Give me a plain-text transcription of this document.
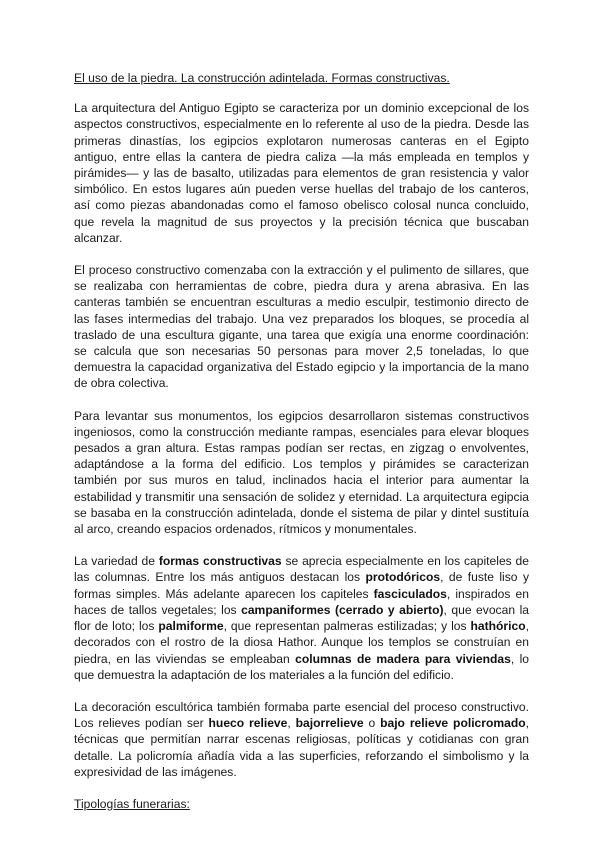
El uso de la piedra. La construcción adintelada. Formas constructivas.

La arquitectura del Antiguo Egipto se caracteriza por un dominio excepcional de los aspectos constructivos, especialmente en lo referente al uso de la piedra. Desde las primeras dinastías, los egipcios explotaron numerosas canteras en el Egipto antiguo, entre ellas la cantera de piedra caliza —la más empleada en templos y pirámides— y las de basalto, utilizadas para elementos de gran resistencia y valor simbólico. En estos lugares aún pueden verse huellas del trabajo de los canteros, así como piezas abandonadas como el famoso obelisco colosal nunca concluido, que revela la magnitud de sus proyectos y la precisión técnica que buscaban alcanzar.

El proceso constructivo comenzaba con la extracción y el pulimento de sillares, que se realizaba con herramientas de cobre, piedra dura y arena abrasiva. En las canteras también se encuentran esculturas a medio esculpir, testimonio directo de las fases intermedias del trabajo. Una vez preparados los bloques, se procedía al traslado de una escultura gigante, una tarea que exigía una enorme coordinación: se calcula que son necesarias 50 personas para mover 2,5 toneladas, lo que demuestra la capacidad organizativa del Estado egipcio y la importancia de la mano de obra colectiva.

Para levantar sus monumentos, los egipcios desarrollaron sistemas constructivos ingeniosos, como la construcción mediante rampas, esenciales para elevar bloques pesados a gran altura. Estas rampas podían ser rectas, en zigzag o envolventes, adaptándose a la forma del edificio. Los templos y pirámides se caracterizan también por sus muros en talud, inclinados hacia el interior para aumentar la estabilidad y transmitir una sensación de solidez y eternidad. La arquitectura egipcia se basaba en la construcción adintelada, donde el sistema de pilar y dintel sustituía al arco, creando espacios ordenados, rítmicos y monumentales.

La variedad de formas constructivas se aprecia especialmente en los capiteles de las columnas. Entre los más antiguos destacan los protodóricos, de fuste liso y formas simples. Más adelante aparecen los capiteles fasciculados, inspirados en haces de tallos vegetales; los campaniformes (cerrado y abierto), que evocan la flor de loto; los palmiforme, que representan palmeras estilizadas; y los hathórico, decorados con el rostro de la diosa Hathor. Aunque los templos se construían en piedra, en las viviendas se empleaban columnas de madera para viviendas, lo que demuestra la adaptación de los materiales a la función del edificio.

La decoración escultórica también formaba parte esencial del proceso constructivo. Los relieves podían ser hueco relieve, bajorrelieve o bajo relieve policromado, técnicas que permitían narrar escenas religiosas, políticas y cotidianas con gran detalle. La policromía añadía vida a las superficies, reforzando el simbolismo y la expresividad de las imágenes.

Tipologías funerarias:
